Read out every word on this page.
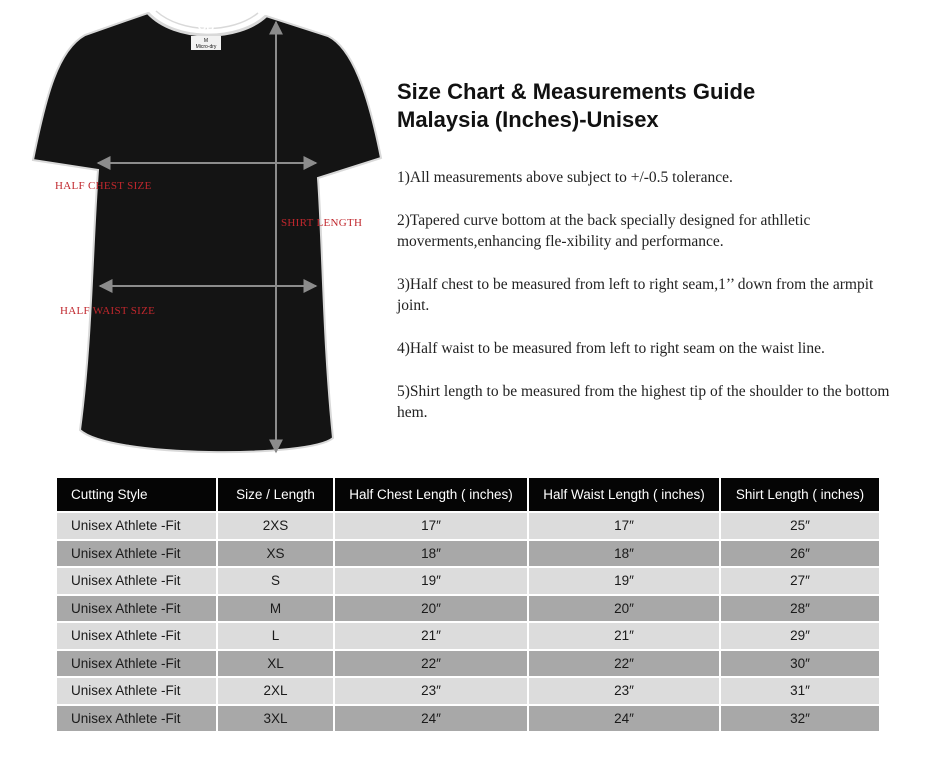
GB
M
Micro-dry
HALF CHEST SIZE
SHIRT LENGTH
HALF WAIST SIZE
Size Chart & Measurements Guide
Malaysia (Inches)-Unisex

1)All measurements above subject to +/-0.5 tolerance.

2)Tapered curve bottom at the back specially designed for athlletic moverments,enhancing fle-xibility and performance.

3)Half chest to be measured from left to right seam,1’’ down from the armpit joint.

4)Half waist to be measured from left to right seam on the waist line.

5)Shirt length to be measured from the highest tip of the shoulder to the bottom hem.

Cutting Style	Size / Length	Half Chest Length ( inches)	Half Waist Length ( inches)	Shirt Length ( inches)
Unisex Athlete -Fit	2XS	17″	17″	25″
Unisex Athlete -Fit	XS	18″	18″	26″
Unisex Athlete -Fit	S	19″	19″	27″
Unisex Athlete -Fit	M	20″	20″	28″
Unisex Athlete -Fit	L	21″	21″	29″
Unisex Athlete -Fit	XL	22″	22″	30″
Unisex Athlete -Fit	2XL	23″	23″	31″
Unisex Athlete -Fit	3XL	24″	24″	32″
